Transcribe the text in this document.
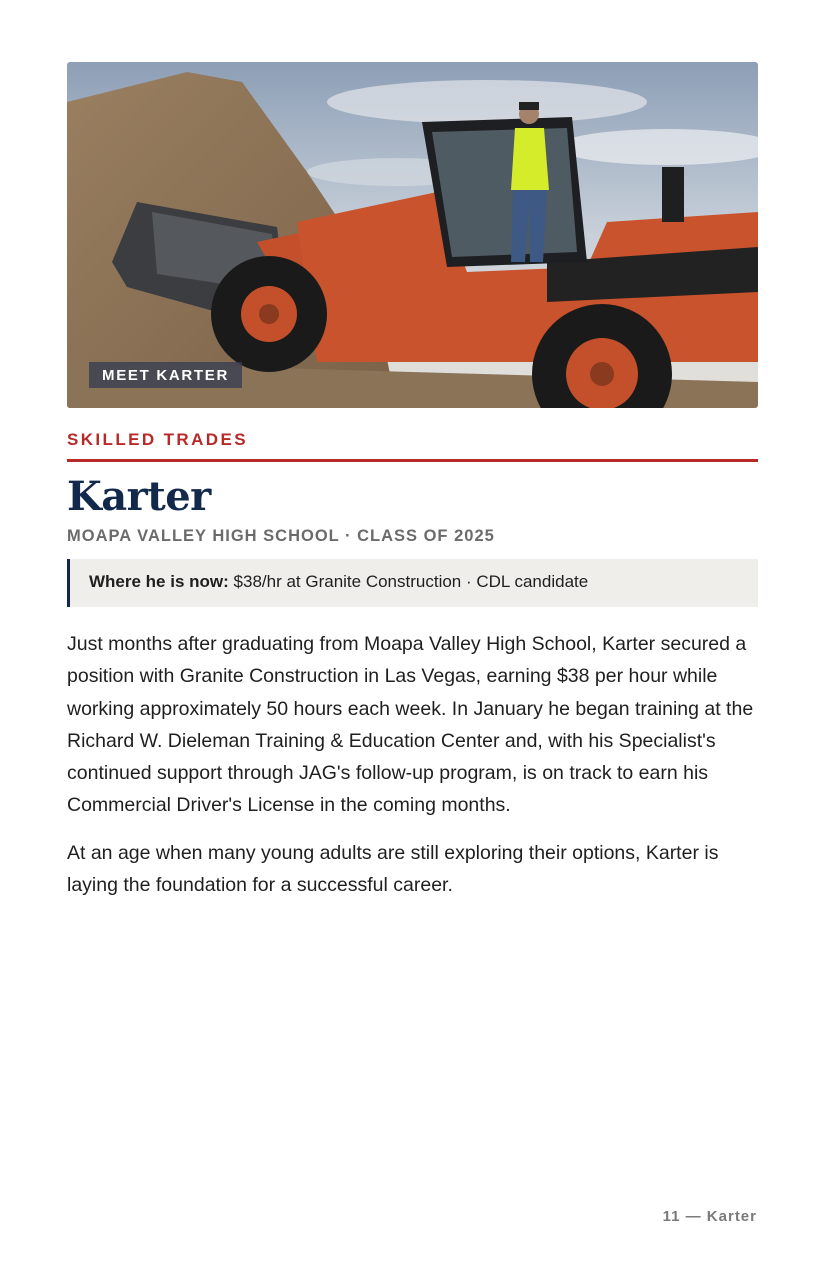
MEET KARTER
SKILLED TRADES
Karter
MOAPA VALLEY HIGH SCHOOL · CLASS OF 2025
Where he is now: $38/hr at Granite Construction · CDL candidate

Just months after graduating from Moapa Valley High School, Karter secured a position with Granite Construction in Las Vegas, earning $38 per hour while working approximately 50 hours each week. In January he began training at the Richard W. Dieleman Training & Education Center and, with his Specialist's continued support through JAG's follow-up program, is on track to earn his Commercial Driver's License in the coming months.

At an age when many young adults are still exploring their options, Karter is laying the foundation for a successful career.

11 — Karter
